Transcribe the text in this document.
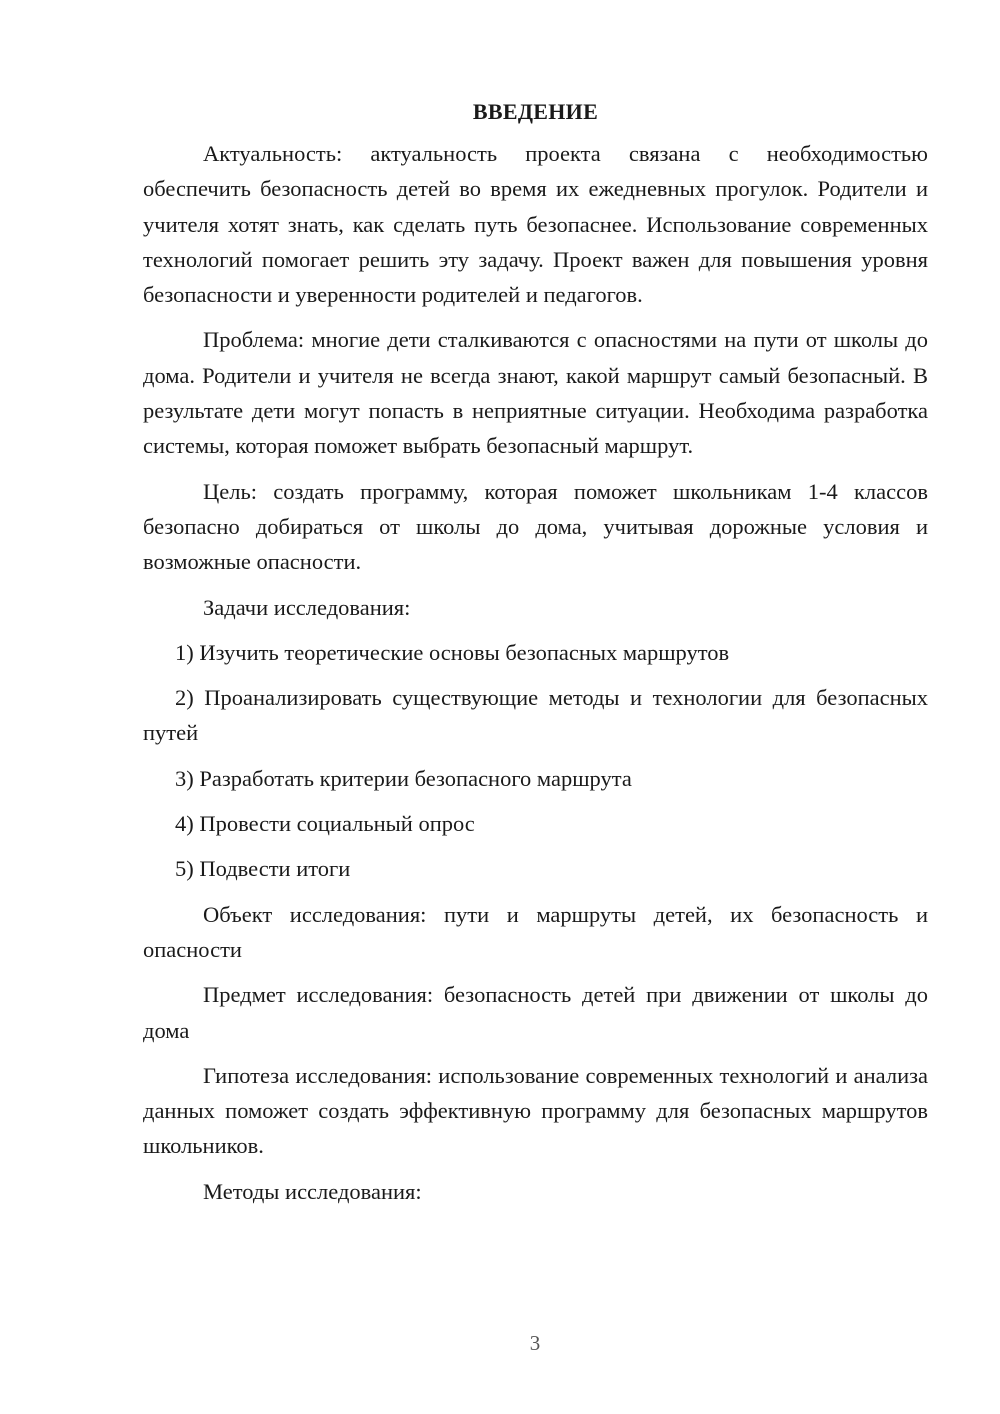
ВВЕДЕНИЕ

Актуальность: актуальность проекта связана с необходимостью обеспечить безопасность детей во время их ежедневных прогулок. Родители и учителя хотят знать, как сделать путь безопаснее. Использование современных технологий помогает решить эту задачу. Проект важен для повышения уровня безопасности и уверенности родителей и педагогов.

Проблема: многие дети сталкиваются с опасностями на пути от школы до дома. Родители и учителя не всегда знают, какой маршрут самый безопасный. В результате дети могут попасть в неприятные ситуации. Необходима разработка системы, которая поможет выбрать безопасный маршрут.

Цель: создать программу, которая поможет школьникам 1-4 классов безопасно добираться от школы до дома, учитывая дорожные условия и возможные опасности.

Задачи исследования:

1) Изучить теоретические основы безопасных маршрутов

2) Проанализировать существующие методы и технологии для безопасных путей

3) Разработать критерии безопасного маршрута

4) Провести социальный опрос

5) Подвести итоги

Объект исследования: пути и маршруты детей, их безопасность и опасности

Предмет исследования: безопасность детей при движении от школы до дома

Гипотеза исследования: использование современных технологий и анализа данных поможет создать эффективную программу для безопасных маршрутов школьников.

Методы исследования:

3
